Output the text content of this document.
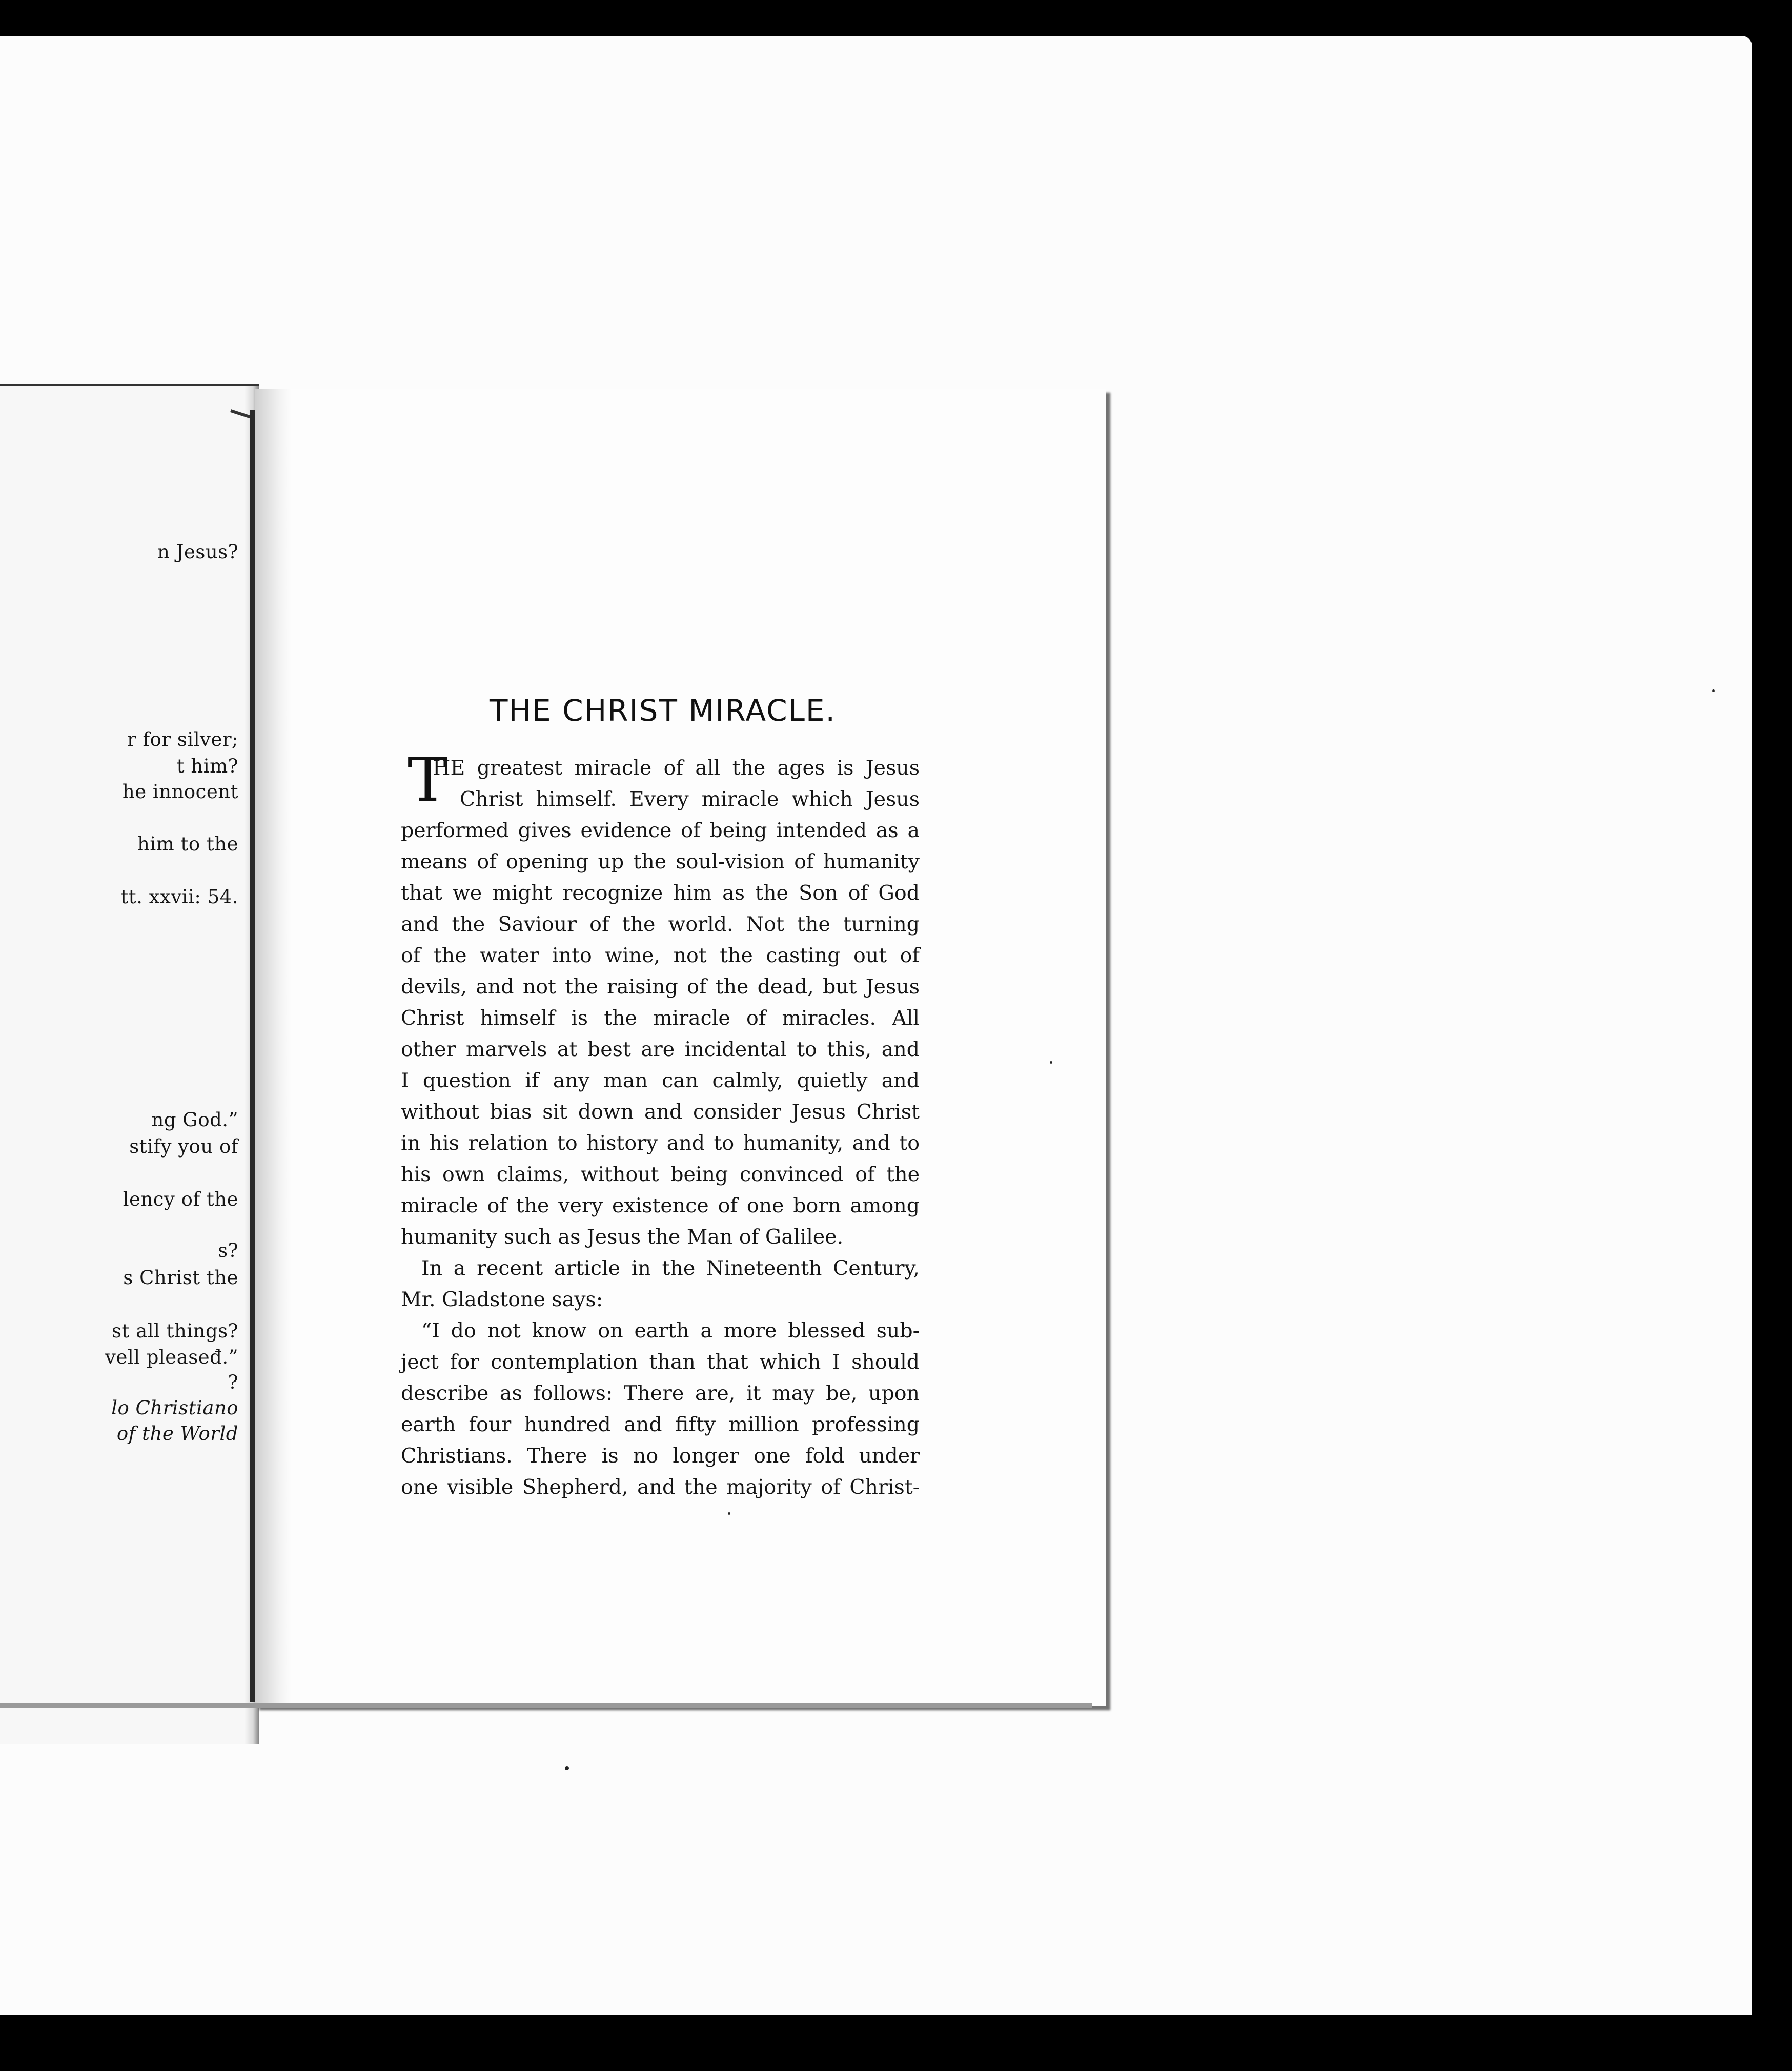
n Jesus?
r for silver;
t him?
he innocent
him to the
tt. xxvii: 54.
ng God.”
stify you of
lency of the
s?
s Christ the
st all things?
vell pleaseđ.”
?
lo Christiano
of the World
THE CHRIST MIRACLE.
T
HE greatest miracle of all the ages is Jesus
Christ himself. Every miracle which Jesus
performed gives evidence of being intended as a
means of opening up the soul-vision of humanity
that we might recognize him as the Son of God
and the Saviour of the world. Not the turning
of the water into wine, not the casting out of
devils, and not the raising of the dead, but Jesus
Christ himself is the miracle of miracles. All
other marvels at best are incidental to this, and
I question if any man can calmly, quietly and
without bias sit down and consider Jesus Christ
in his relation to history and to humanity, and to
his own claims, without being convinced of the
miracle of the very existence of one born among
humanity such as Jesus the Man of Galilee.
In a recent article in the Nineteenth Century,
Mr. Gladstone says:
“I do not know on earth a more blessed sub-
ject for contemplation than that which I should
describe as follows: There are, it may be, upon
earth four hundred and fifty million professing
Christians. There is no longer one fold under
one visible Shepherd, and the majority of Christ-
